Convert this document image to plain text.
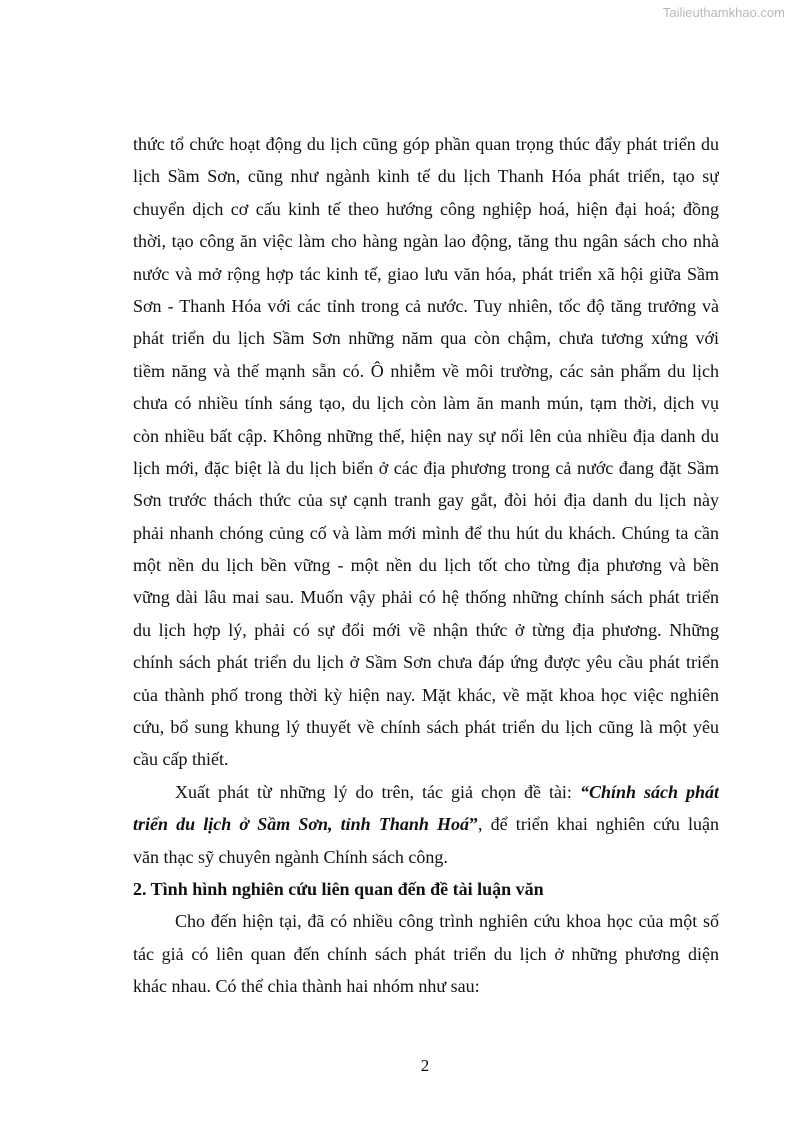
Tailieuthamkhao.com
thức tổ chức hoạt động du lịch cũng góp phần quan trọng thúc đẩy phát triển du
lịch Sầm Sơn, cũng như ngành kinh tế du lịch Thanh Hóa phát triển, tạo sự
chuyển dịch cơ cấu kinh tế theo hướng công nghiệp hoá, hiện đại hoá; đồng
thời, tạo công ăn việc làm cho hàng ngàn lao động, tăng thu ngân sách cho nhà
nước và mở rộng hợp tác kinh tế, giao lưu văn hóa, phát triển xã hội giữa Sầm
Sơn - Thanh Hóa với các tỉnh trong cả nước. Tuy nhiên, tốc độ tăng trưởng và
phát triển du lịch Sầm Sơn những năm qua còn chậm, chưa tương xứng với
tiềm năng và thế mạnh sẵn có. Ô nhiễm về môi trường, các sản phẩm du lịch
chưa có nhiều tính sáng tạo, du lịch còn làm ăn manh mún, tạm thời, dịch vụ
còn nhiều bất cập. Không những thế, hiện nay sự nổi lên của nhiều địa danh du
lịch mới, đặc biệt là du lịch biển ở các địa phương trong cả nước đang đặt Sầm
Sơn trước thách thức của sự cạnh tranh gay gắt, đòi hỏi địa danh du lịch này
phải nhanh chóng củng cố và làm mới mình để thu hút du khách. Chúng ta cần
một nền du lịch bền vững - một nền du lịch tốt cho từng địa phương và bền
vững dài lâu mai sau. Muốn vậy phải có hệ thống những chính sách phát triển
du lịch hợp lý, phải có sự đổi mới về nhận thức ở từng địa phương. Những
chính sách phát triển du lịch ở Sầm Sơn chưa đáp ứng được yêu cầu phát triển
của thành phố trong thời kỳ hiện nay. Mặt khác, về mặt khoa học việc nghiên
cứu, bổ sung khung lý thuyết về chính sách phát triển du lịch cũng là một yêu
cầu cấp thiết.
Xuất phát từ những lý do trên, tác giả chọn đề tài: “Chính sách phát
triển du lịch ở Sầm Sơn, tỉnh Thanh Hoá”, để triển khai nghiên cứu luận
văn thạc sỹ chuyên ngành Chính sách công.
2. Tình hình nghiên cứu liên quan đến đề tài luận văn
Cho đến hiện tại, đã có nhiều công trình nghiên cứu khoa học của một số
tác giả có liên quan đến chính sách phát triển du lịch ở những phương diện
khác nhau. Có thể chia thành hai nhóm như sau:
2
